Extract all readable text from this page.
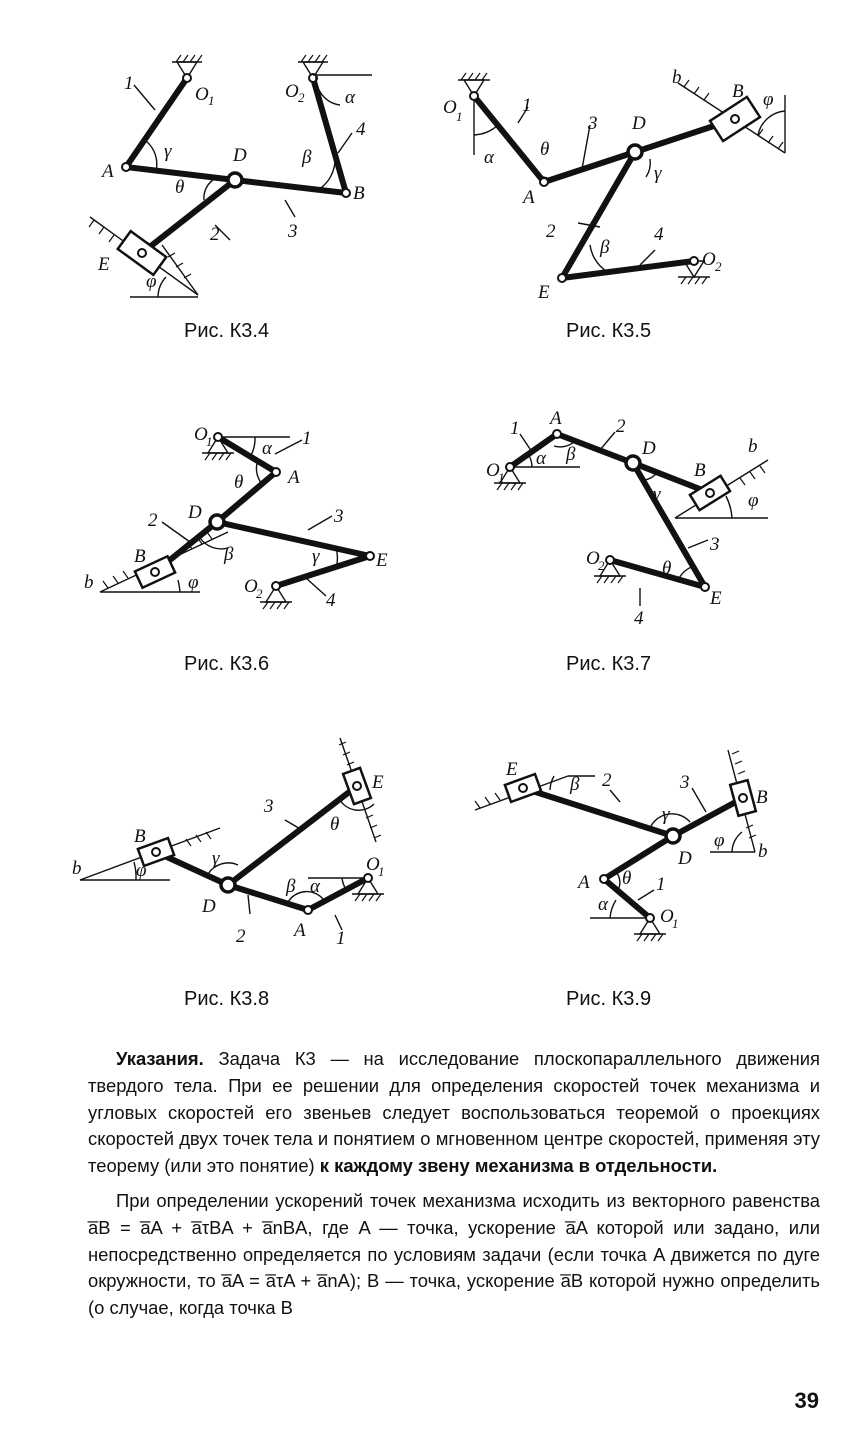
O 1	O 2
A
B
D
E
1
2	3
4
α
β
γ
θ
φ
Рис. К3.4
O 1
O 2
A
B
D
E
b
1
2
3
4
α
β
γ
θ
φ
Рис. К3.5
O
1
O
2
A
B
D
E
b
1
2	3
4
α
β	γ
θ
φ
Рис. К3.6
O
1
O
2
A
B
D
E
b
1	2
3
4
α β
γ
θ
φ
Рис. К3.7
O
1
A
B
D
E
b
1
2
3
α
β
γ
θ
φ
Рис. К3.8
O
1
A
B
D
E
b
1
2	3
α
β
γ
θ
φ
Рис. К3.9

Указания. Задача К3 — на исследование плоскопараллельного движения твердого тела. При ее решении для определения скоростей точек механизма и угловых скоростей его звеньев следует воспользоваться теоремой о проекциях скоростей двух точек тела и понятием о мгновенном центре скоростей, применяя эту теорему (или это понятие) к каждому звену механизма в отдельности.

При определении ускорений точек механизма исходить из векторного равенства a̅B = a̅A + a̅τBA + a̅nBA, где A — точка, ускорение a̅A которой или задано, или непосредственно определяется по условиям задачи (если точка A движется по дуге окружности, то a̅A = a̅τA + a̅nA); B — точка, ускорение a̅B которой нужно определить (о случае, когда точка B

39
